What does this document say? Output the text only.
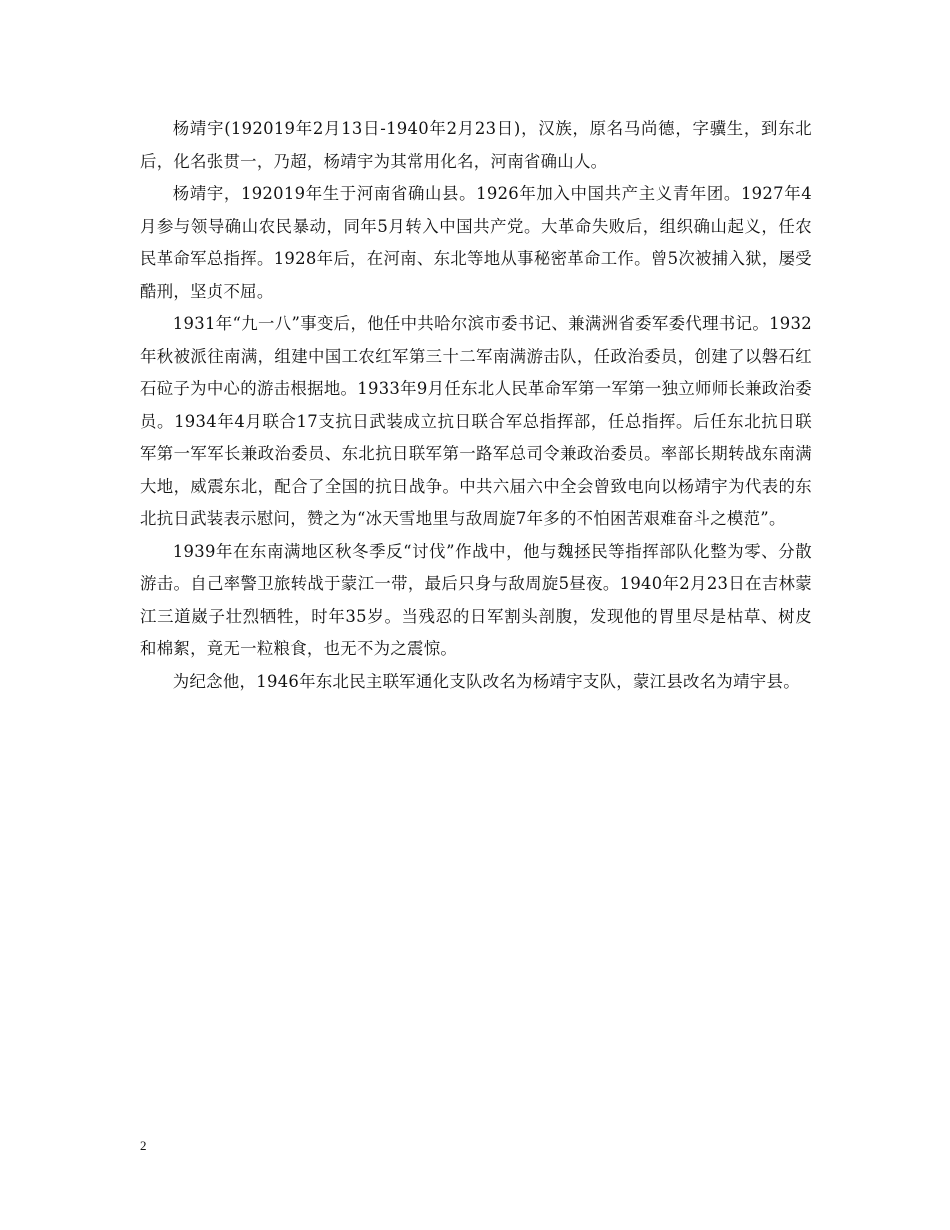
杨靖宇(192019年2月13日-1940年2月23日)，汉族，原名马尚德，字骥生，到东北后，化名张贯一，乃超，杨靖宇为其常用化名，河南省确山人。

杨靖宇，192019年生于河南省确山县。1926年加入中国共产主义青年团。1927年4月参与领导确山农民暴动，同年5月转入中国共产党。大革命失败后，组织确山起义，任农民革命军总指挥。1928年后，在河南、东北等地从事秘密革命工作。曾5次被捕入狱，屡受酷刑，坚贞不屈。

1931年“九一八”事变后，他任中共哈尔滨市委书记、兼满洲省委军委代理书记。1932年秋被派往南满，组建中国工农红军第三十二军南满游击队，任政治委员，创建了以磐石红石砬子为中心的游击根据地。1933年9月任东北人民革命军第一军第一独立师师长兼政治委员。1934年4月联合17支抗日武装成立抗日联合军总指挥部，任总指挥。后任东北抗日联军第一军军长兼政治委员、东北抗日联军第一路军总司令兼政治委员。率部长期转战东南满大地，威震东北，配合了全国的抗日战争。中共六届六中全会曾致电向以杨靖宇为代表的东北抗日武装表示慰问，赞之为“冰天雪地里与敌周旋7年多的不怕困苦艰难奋斗之模范”。

1939年在东南满地区秋冬季反“讨伐”作战中，他与魏拯民等指挥部队化整为零、分散游击。自己率警卫旅转战于蒙江一带，最后只身与敌周旋5昼夜。1940年2月23日在吉林蒙江三道崴子壮烈牺牲，时年35岁。当残忍的日军割头剖腹，发现他的胃里尽是枯草、树皮和棉絮，竟无一粒粮食，也无不为之震惊。

为纪念他，1946年东北民主联军通化支队改名为杨靖宇支队，蒙江县改名为靖宇县。

2
